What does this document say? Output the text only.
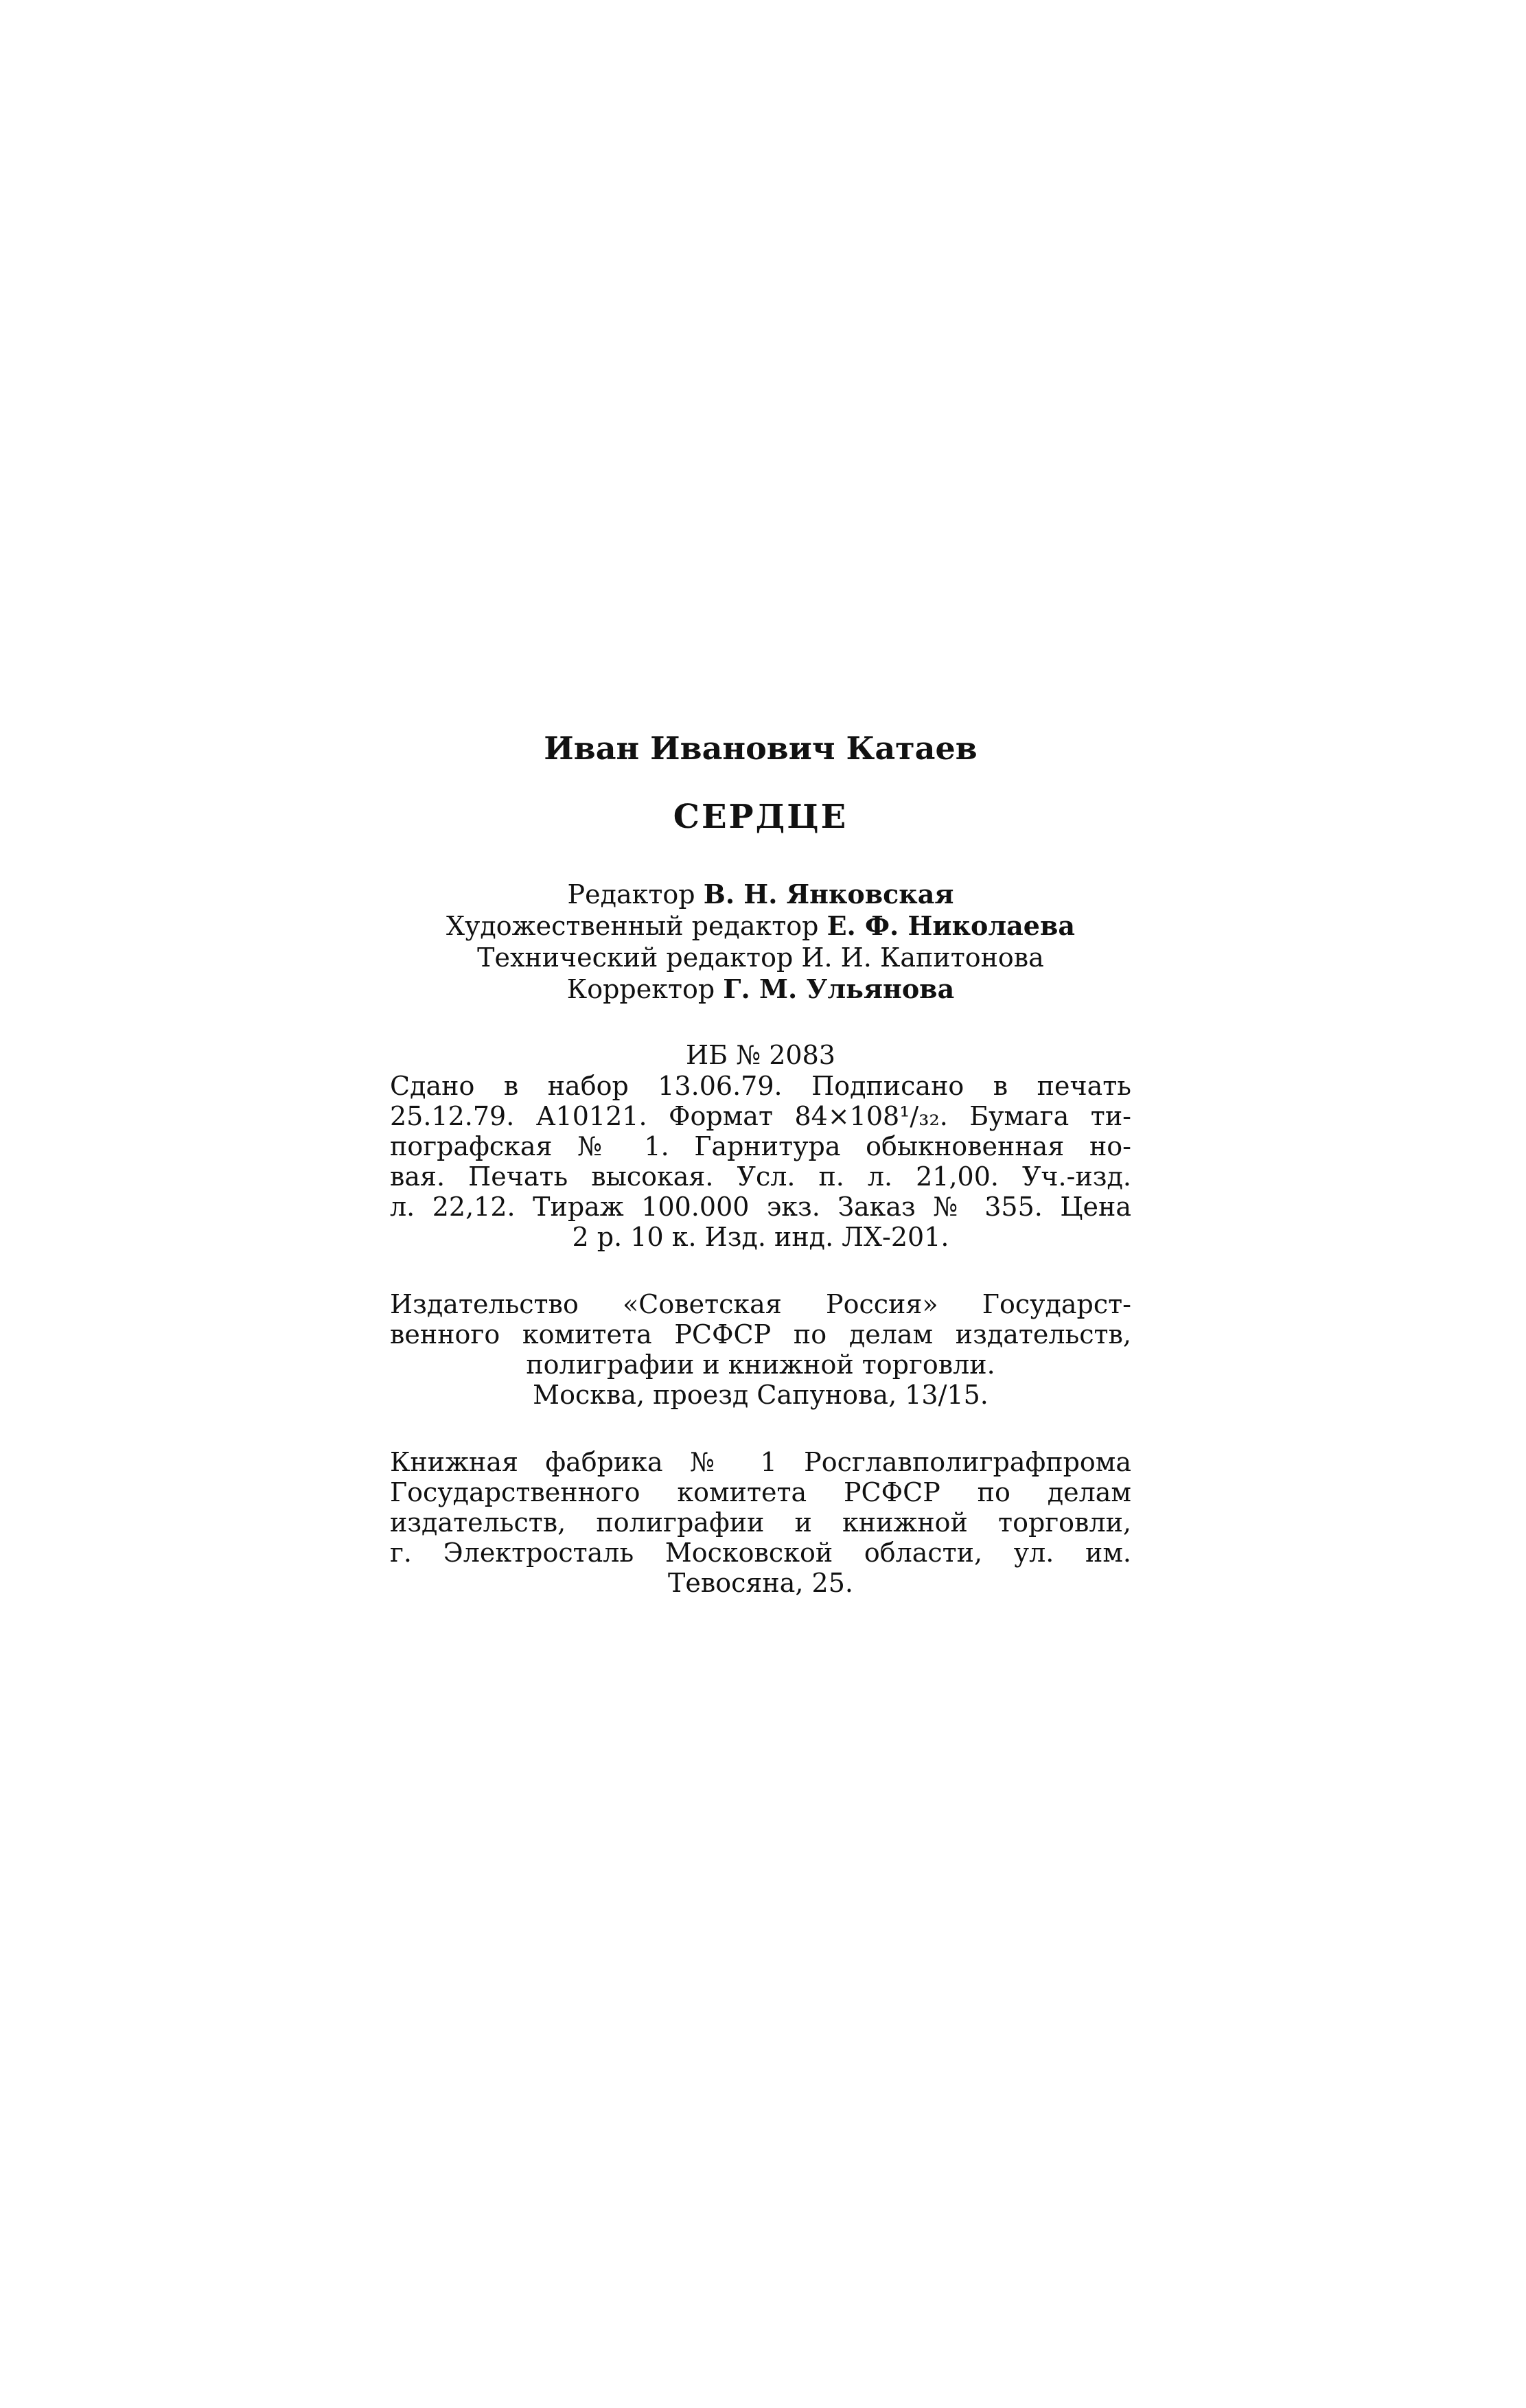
Иван Иванович Катаев
СЕРДЦЕ
Редактор В. Н. Янковская
Художественный редактор Е. Ф. Николаева
Технический редактор И. И. Капитонова
Корректор Г. М. Ульянова
ИБ № 2083
Сдано в набор 13.06.79. Подписано в печать
25.12.79. А10121. Формат 84×108¹/₃₂. Бумага ти-
пографская № 1. Гарнитура обыкновенная но-
вая. Печать высокая. Усл. п. л. 21,00. Уч.-изд.
л. 22,12. Тираж 100.000 экз. Заказ № 355. Цена
2 р. 10 к. Изд. инд. ЛХ-201.
Издательство «Советская Россия» Государст-
венного комитета РСФСР по делам издательств,
полиграфии и книжной торговли.
Москва, проезд Сапунова, 13/15.
Книжная фабрика № 1 Росглавполиграфпрома
Государственного комитета РСФСР по делам
издательств, полиграфии и книжной торговли,
г. Электросталь Московской области, ул. им.
Тевосяна, 25.
